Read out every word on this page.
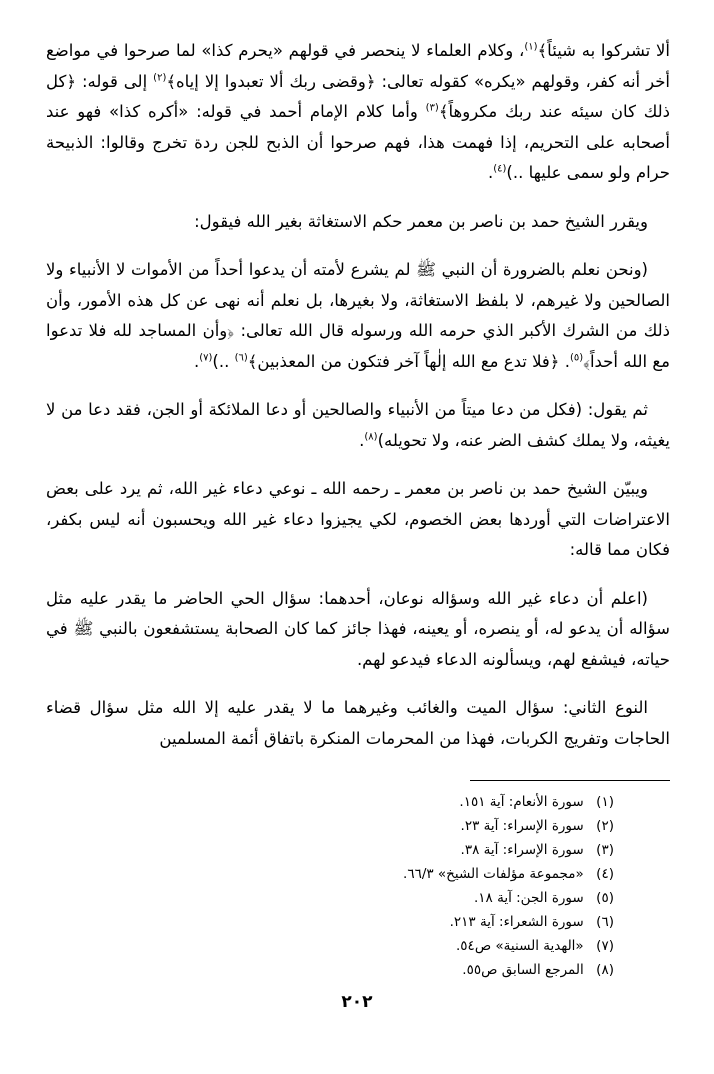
ألا تشركوا به شيئاً﴾$^{(١)}$، وكلام العلماء لا ينحصر في قولهم «يحرم كذا» لما صرحوا في مواضع أخر أنه كفر، وقولهم «يكره» كقوله تعالى: ﴿وقضى ربك ألا تعبدوا إلا إياه﴾$^{(٢)}$ إلى قوله: ﴿كل ذلك كان سيئه عند ربك مكروهاً﴾$^{(٣)}$ وأما كلام الإمام أحمد في قوله: «أكره كذا» فهو عند أصحابه على التحريم، إذا فهمت هذا، فهم صرحوا أن الذبح للجن ردة تخرج وقالوا: الذبيحة حرام ولو سمى عليها ..)$^{(٤)}$.

ويقرر الشيخ حمد بن ناصر بن معمر حكم الاستغاثة بغير الله فيقول:

(ونحن نعلم بالضرورة أن النبي ﷺ لم يشرع لأمته أن يدعوا أحداً من الأموات لا الأنبياء ولا الصالحين ولا غيرهم، لا بلفظ الاستغاثة، ولا بغيرها، بل نعلم أنه نهى عن كل هذه الأمور، وأن ذلك من الشرك الأكبر الذي حرمه الله ورسوله قال الله تعالى: ﴿وأن المساجد لله فلا تدعوا مع الله أحداً﴾$^{(٥)}$. ﴿فلا تدع مع الله إلٰهاً آخر فتكون من المعذبين﴾$^{(٦)}$ ..)$^{(٧)}$.

ثم يقول: (فكل من دعا ميتاً من الأنبياء والصالحين أو دعا الملائكة أو الجن، فقد دعا من لا يغيثه، ولا يملك كشف الضر عنه، ولا تحويله)$^{(٨)}$.

ويبيّن الشيخ حمد بن ناصر بن معمر ـ رحمه الله ـ نوعي دعاء غير الله، ثم يرد على بعض الاعتراضات التي أوردها بعض الخصوم، لكي يجيزوا دعاء غير الله ويحسبون أنه ليس بكفر، فكان مما قاله:

(اعلم أن دعاء غير الله وسؤاله نوعان، أحدهما: سؤال الحي الحاضر ما يقدر عليه مثل سؤاله أن يدعو له، أو ينصره، أو يعينه، فهذا جائز كما كان الصحابة يستشفعون بالنبي ﷺ في حياته، فيشفع لهم، ويسألونه الدعاء فيدعو لهم.

النوع الثاني: سؤال الميت والغائب وغيرهما ما لا يقدر عليه إلا الله مثل سؤال قضاء الحاجات وتفريج الكربات، فهذا من المحرمات المنكرة باتفاق أئمة المسلمين

(١) سورة الأنعام: آية ١٥١.
(٢) سورة الإسراء: آية ٢٣.
(٣) سورة الإسراء: آية ٣٨.
(٤) «مجموعة مؤلفات الشيخ» ٦٦/٣.
(٥) سورة الجن: آية ١٨.
(٦) سورة الشعراء: آية ٢١٣.
(٧) «الهدية السنية» ص٥٤.
(٨) المرجع السابق ص٥٥.
٢٠٢
